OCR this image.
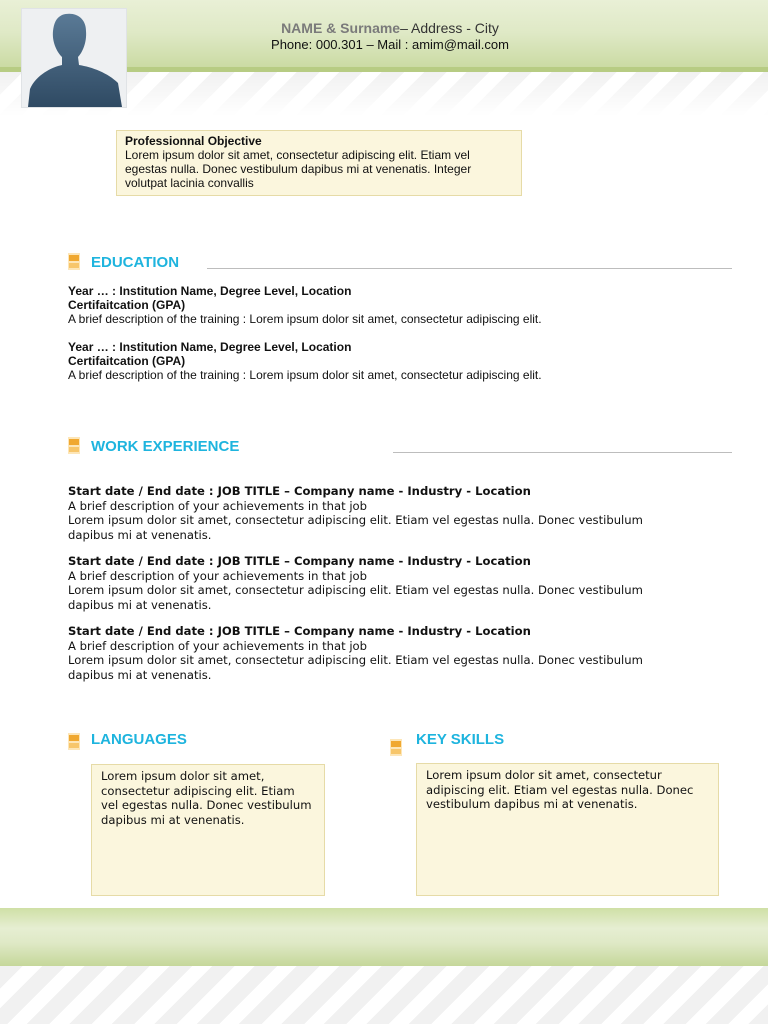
NAME & Surname– Address - City
Phone: 000.301 – Mail : amim@mail.com
Professionnal Objective
Lorem ipsum dolor sit amet, consectetur adipiscing elit. Etiam vel egestas nulla. Donec vestibulum dapibus mi at venenatis. Integer volutpat lacinia convallis
EDUCATION
Year … : Institution Name, Degree Level, Location
Certifaitcation (GPA)
A brief description of the training : Lorem ipsum dolor sit amet, consectetur adipiscing elit.
Year … : Institution Name, Degree Level, Location
Certifaitcation (GPA)
A brief description of the training : Lorem ipsum dolor sit amet, consectetur adipiscing elit.
WORK EXPERIENCE
Start date / End date : JOB TITLE – Company name - Industry - Location
A brief description of your achievements in that job
Lorem ipsum dolor sit amet, consectetur adipiscing elit. Etiam vel egestas nulla. Donec vestibulum dapibus mi at venenatis.
Start date / End date : JOB TITLE – Company name - Industry - Location
A brief description of your achievements in that job
Lorem ipsum dolor sit amet, consectetur adipiscing elit. Etiam vel egestas nulla. Donec vestibulum dapibus mi at venenatis.
Start date / End date : JOB TITLE – Company name - Industry - Location
A brief description of your achievements in that job
Lorem ipsum dolor sit amet, consectetur adipiscing elit. Etiam vel egestas nulla. Donec vestibulum dapibus mi at venenatis.
LANGUAGES
Lorem ipsum dolor sit amet, consectetur adipiscing elit. Etiam vel egestas nulla. Donec vestibulum dapibus mi at venenatis.
KEY SKILLS
Lorem ipsum dolor sit amet, consectetur adipiscing elit. Etiam vel egestas nulla. Donec vestibulum dapibus mi at venenatis.
